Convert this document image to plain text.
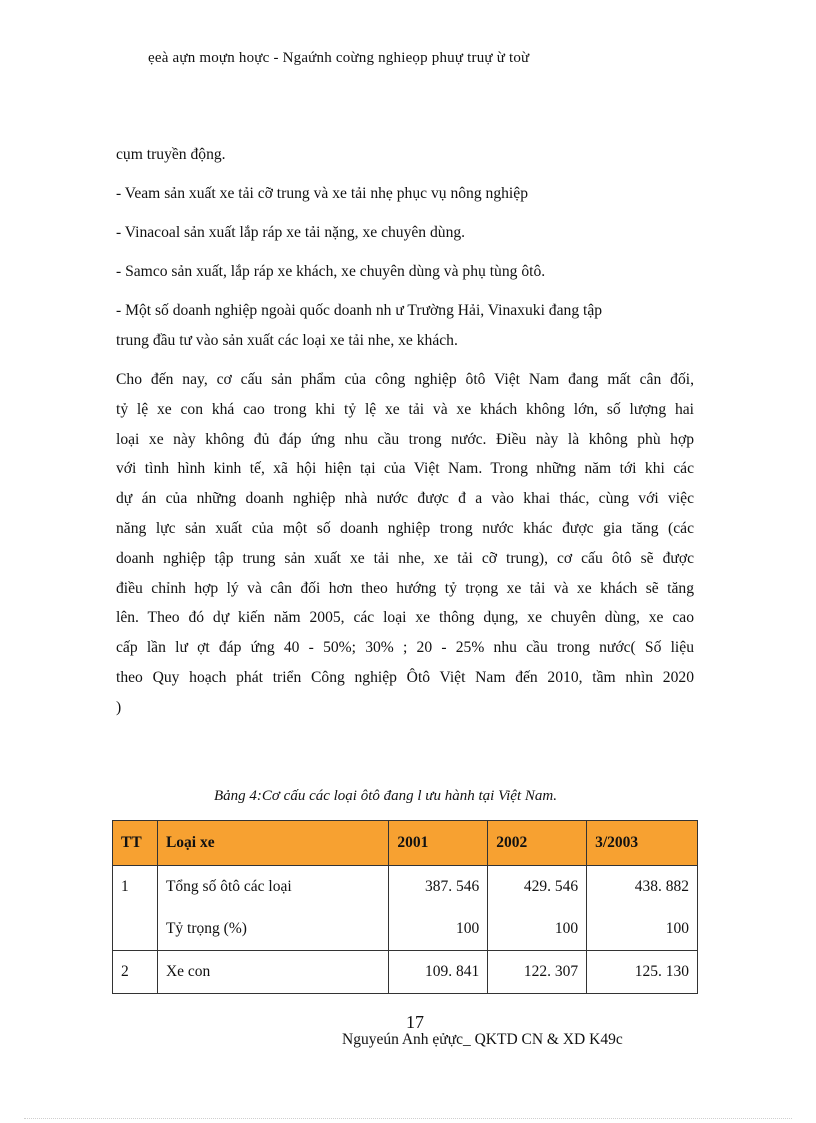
ẹeà aựn moựn hoực - Ngaứnh coừng nghieọp phuự truự ừ toừ
cụm truyền động.
- Veam sản xuất xe tải cỡ trung và xe tải nhẹ phục vụ nông nghiệp
- Vinacoal sản xuất lắp ráp xe tải nặng, xe chuyên dùng.
- Samco sản xuất, lắp ráp xe khách, xe chuyên dùng và phụ tùng ôtô.
- Một số doanh nghiệp ngoài quốc doanh nh ư Trường Hải, Vinaxuki đang tập
trung đầu tư vào sản xuất các loại xe tải nhe, xe khách.
Cho đến nay, cơ cấu sản phẩm của công nghiệp ôtô Việt Nam đang mất cân đối,
tỷ lệ xe con khá cao trong khi tỷ lệ xe tải và xe khách không lớn, số lượng hai
loại xe này không đủ đáp ứng nhu cầu trong nước. Điều này là không phù hợp
với tình hình kinh tế, xã hội hiện tại của Việt Nam. Trong những năm tới khi các
dự án của những doanh nghiệp nhà nước được đ a vào khai thác, cùng với việc
năng lực sản xuất của một số doanh nghiệp trong nước khác được gia tăng (các
doanh nghiệp tập trung sản xuất xe tải nhe, xe tải cỡ trung), cơ cấu ôtô sẽ được
điều chỉnh hợp lý và cân đối hơn theo hướng tỷ trọng xe tải và xe khách sẽ tăng
lên. Theo đó dự kiến năm 2005, các loại xe thông dụng, xe chuyên dùng, xe cao
cấp lần lư ợt đáp ứng 40 - 50%; 30% ; 20 - 25% nhu cầu trong nước( Số liệu
theo Quy hoạch phát triển Công nghiệp Ôtô Việt Nam đến 2010, tầm nhìn 2020
)
Bảng 4:Cơ cấu các loại ôtô đang l ưu hành tại Việt Nam.
TT	Loại xe	2001	2002	3/2003
1	Tổng số ôtô các loại	387. 546	429. 546	438. 882
	Tỷ trọng (%)	100	100	100
2	Xe con	109. 841	122. 307	125. 130
17
Nguyeún Anh ẹửực_ QKTD CN & XD K49c
